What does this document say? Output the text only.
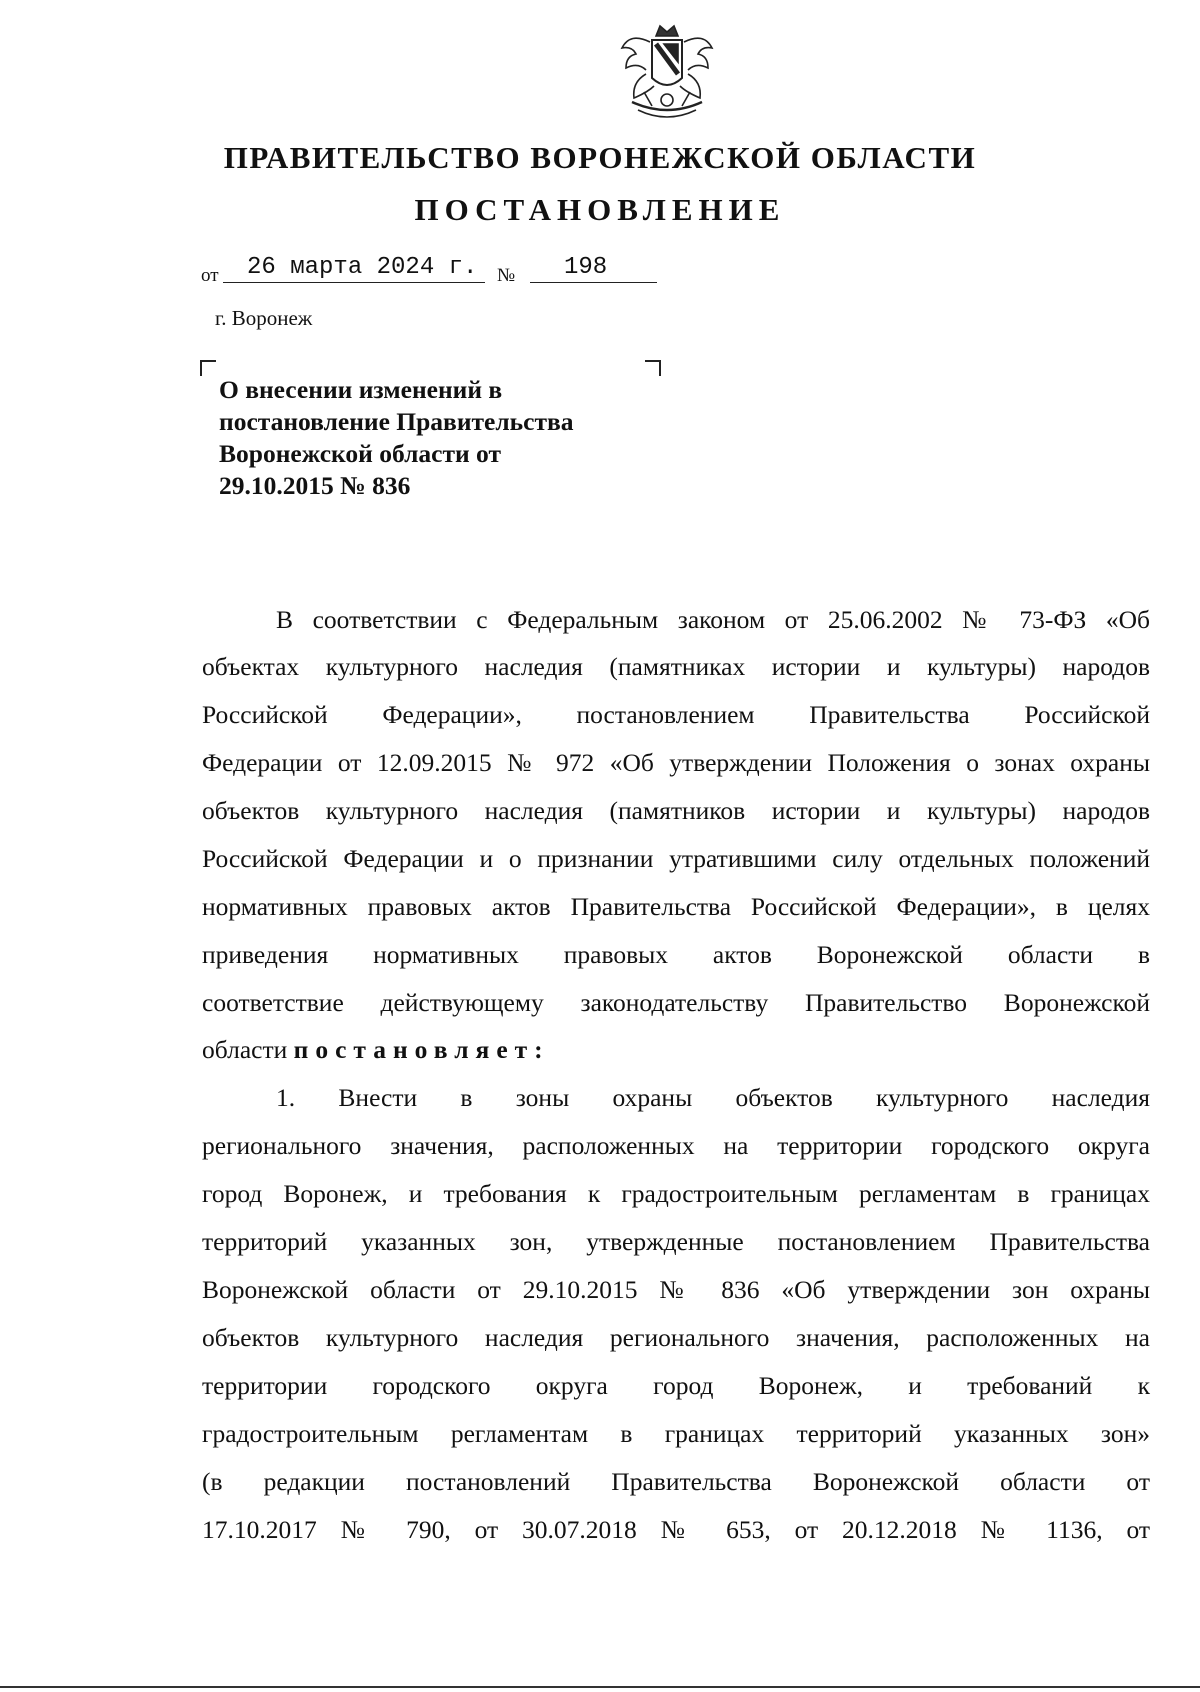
ПРАВИТЕЛЬСТВО ВОРОНЕЖСКОЙ ОБЛАСТИ
ПОСТАНОВЛЕНИЕ
от 26 марта 2024 г. № 198
г. Воронеж
О внесении изменений в
постановление Правительства
Воронежской области от
29.10.2015 № 836
В соответствии с Федеральным законом от 25.06.2002 № 73-ФЗ «Об
объектах культурного наследия (памятниках истории и культуры) народов
Российской Федерации», постановлением Правительства Российской
Федерации от 12.09.2015 № 972 «Об утверждении Положения о зонах охраны
объектов культурного наследия (памятников истории и культуры) народов
Российской Федерации и о признании утратившими силу отдельных положений
нормативных правовых актов Правительства Российской Федерации», в целях
приведения нормативных правовых актов Воронежской области в
соответствие действующему законодательству Правительство Воронежской
области постановляет:
1. Внести в зоны охраны объектов культурного наследия
регионального значения, расположенных на территории городского округа
город Воронеж, и требования к градостроительным регламентам в границах
территорий указанных зон, утвержденные постановлением Правительства
Воронежской области от 29.10.2015 № 836 «Об утверждении зон охраны
объектов культурного наследия регионального значения, расположенных на
территории городского округа город Воронеж, и требований к
градостроительным регламентам в границах территорий указанных зон»
(в редакции постановлений Правительства Воронежской области от
17.10.2017 № 790, от 30.07.2018 № 653, от 20.12.2018 № 1136, от
